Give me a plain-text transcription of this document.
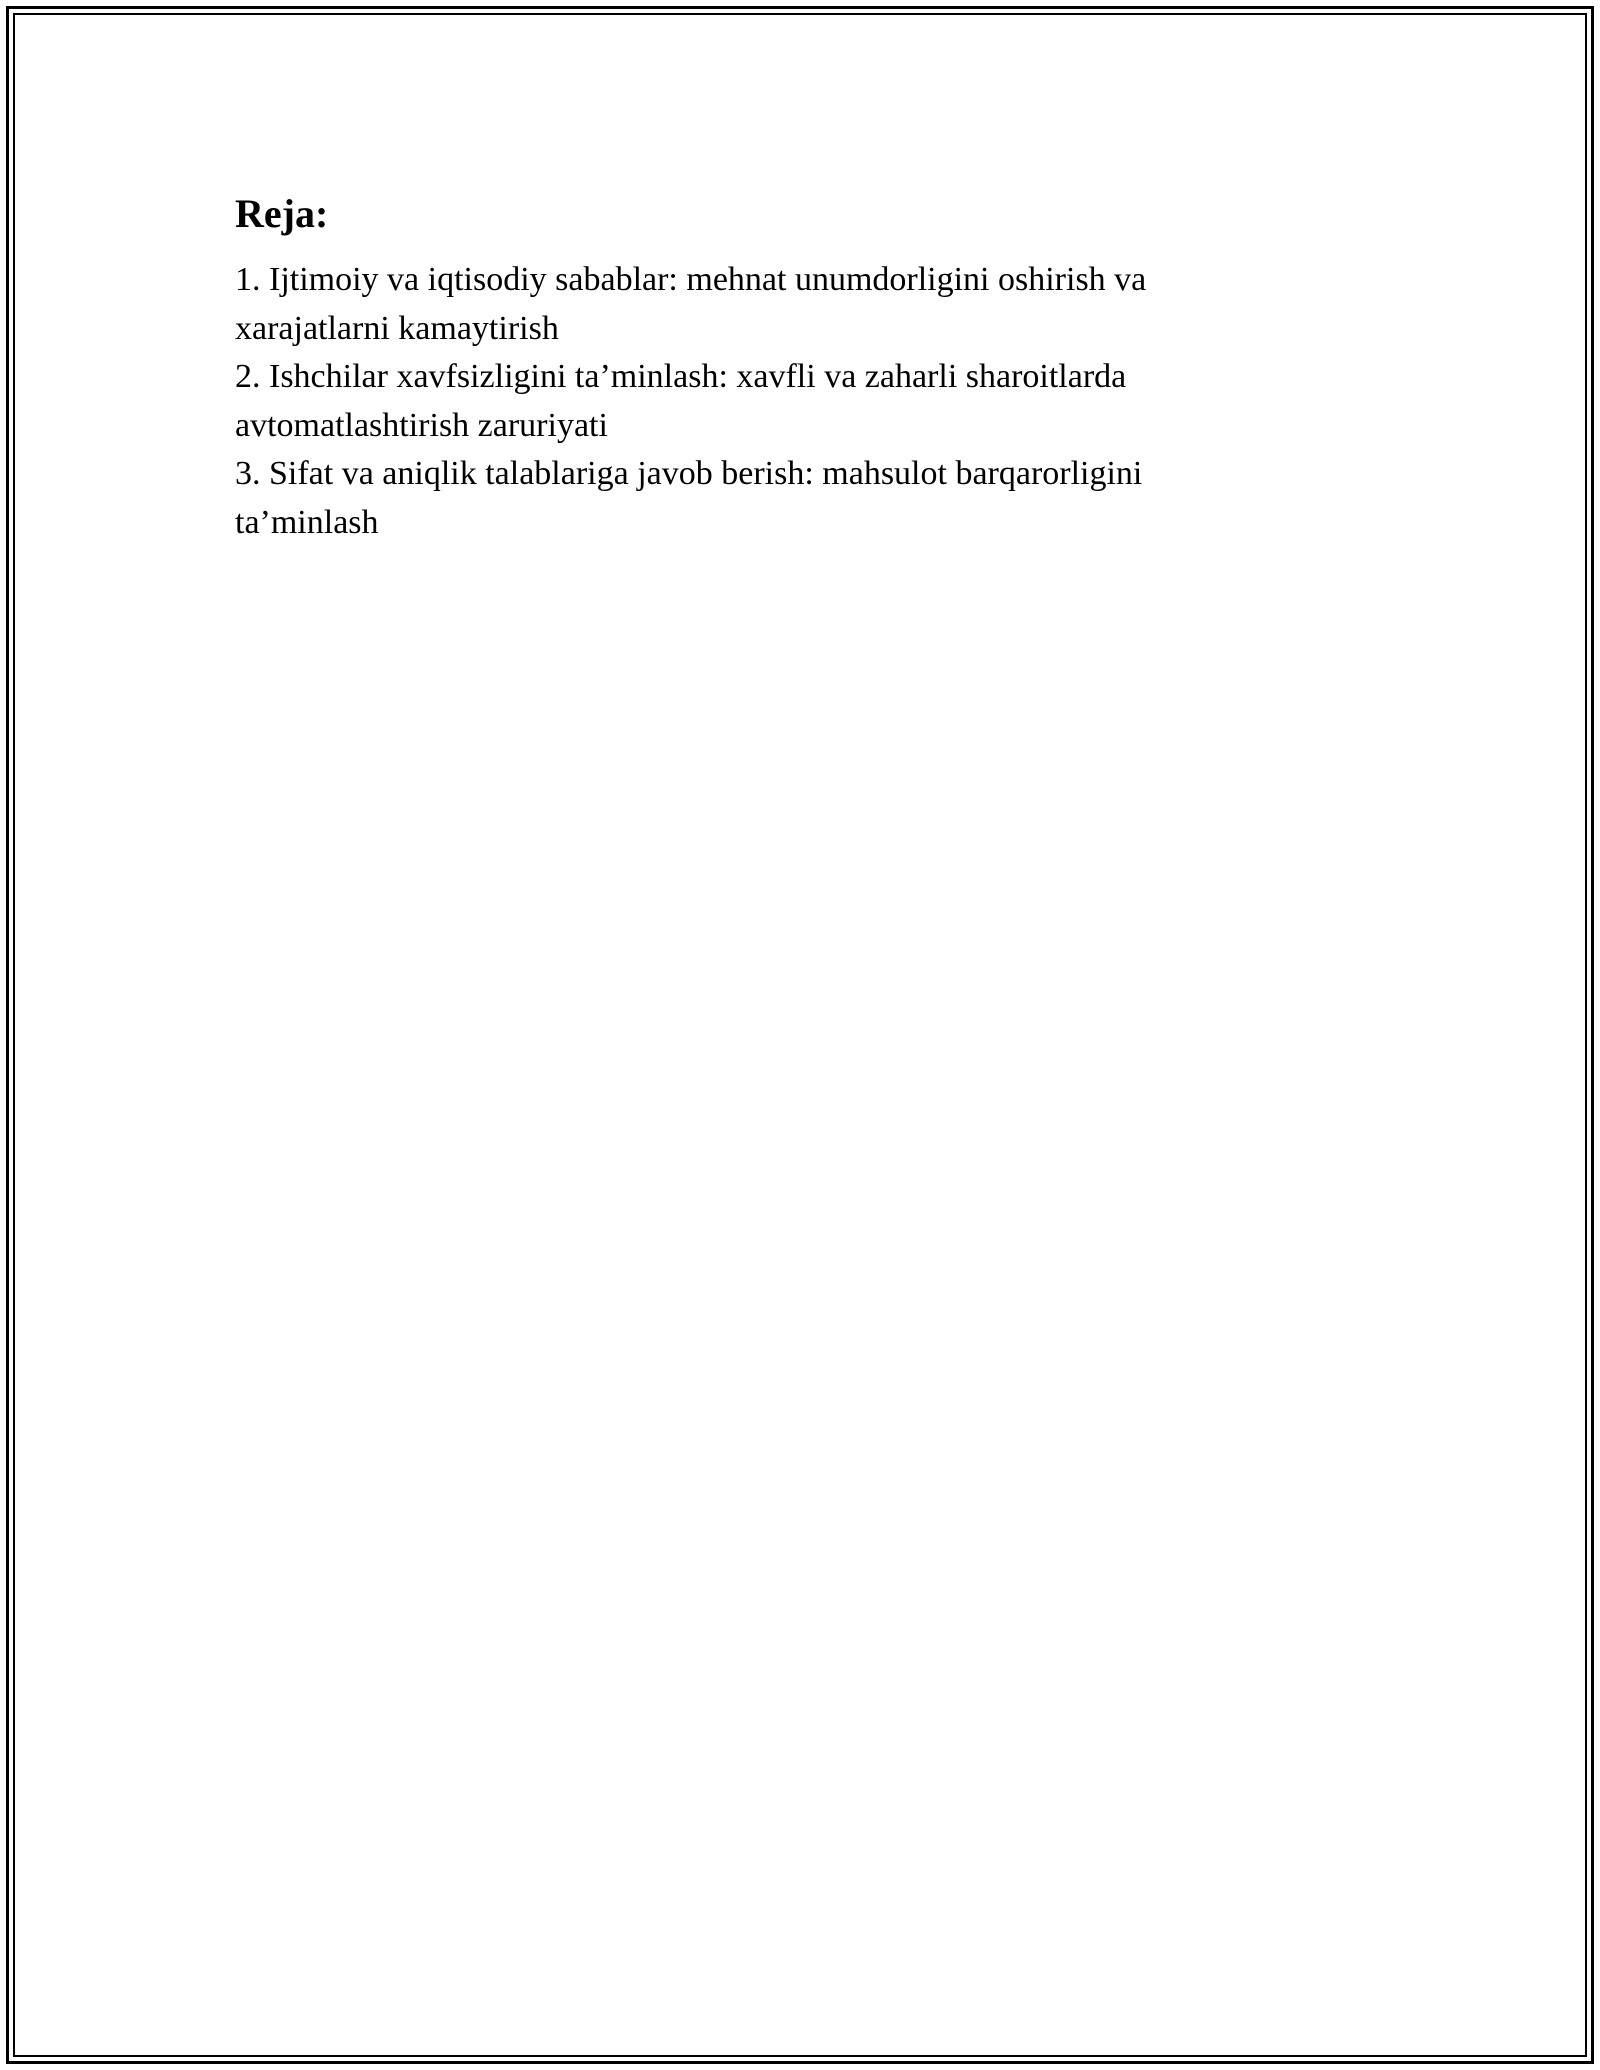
Reja:

1. Ijtimoiy va iqtisodiy sabablar: mehnat unumdorligini oshirish va xarajatlarni kamaytirish

2. Ishchilar xavfsizligini ta’minlash: xavfli va zaharli sharoitlarda avtomatlashtirish zaruriyati

3. Sifat va aniqlik talablariga javob berish: mahsulot barqarorligini ta’minlash
